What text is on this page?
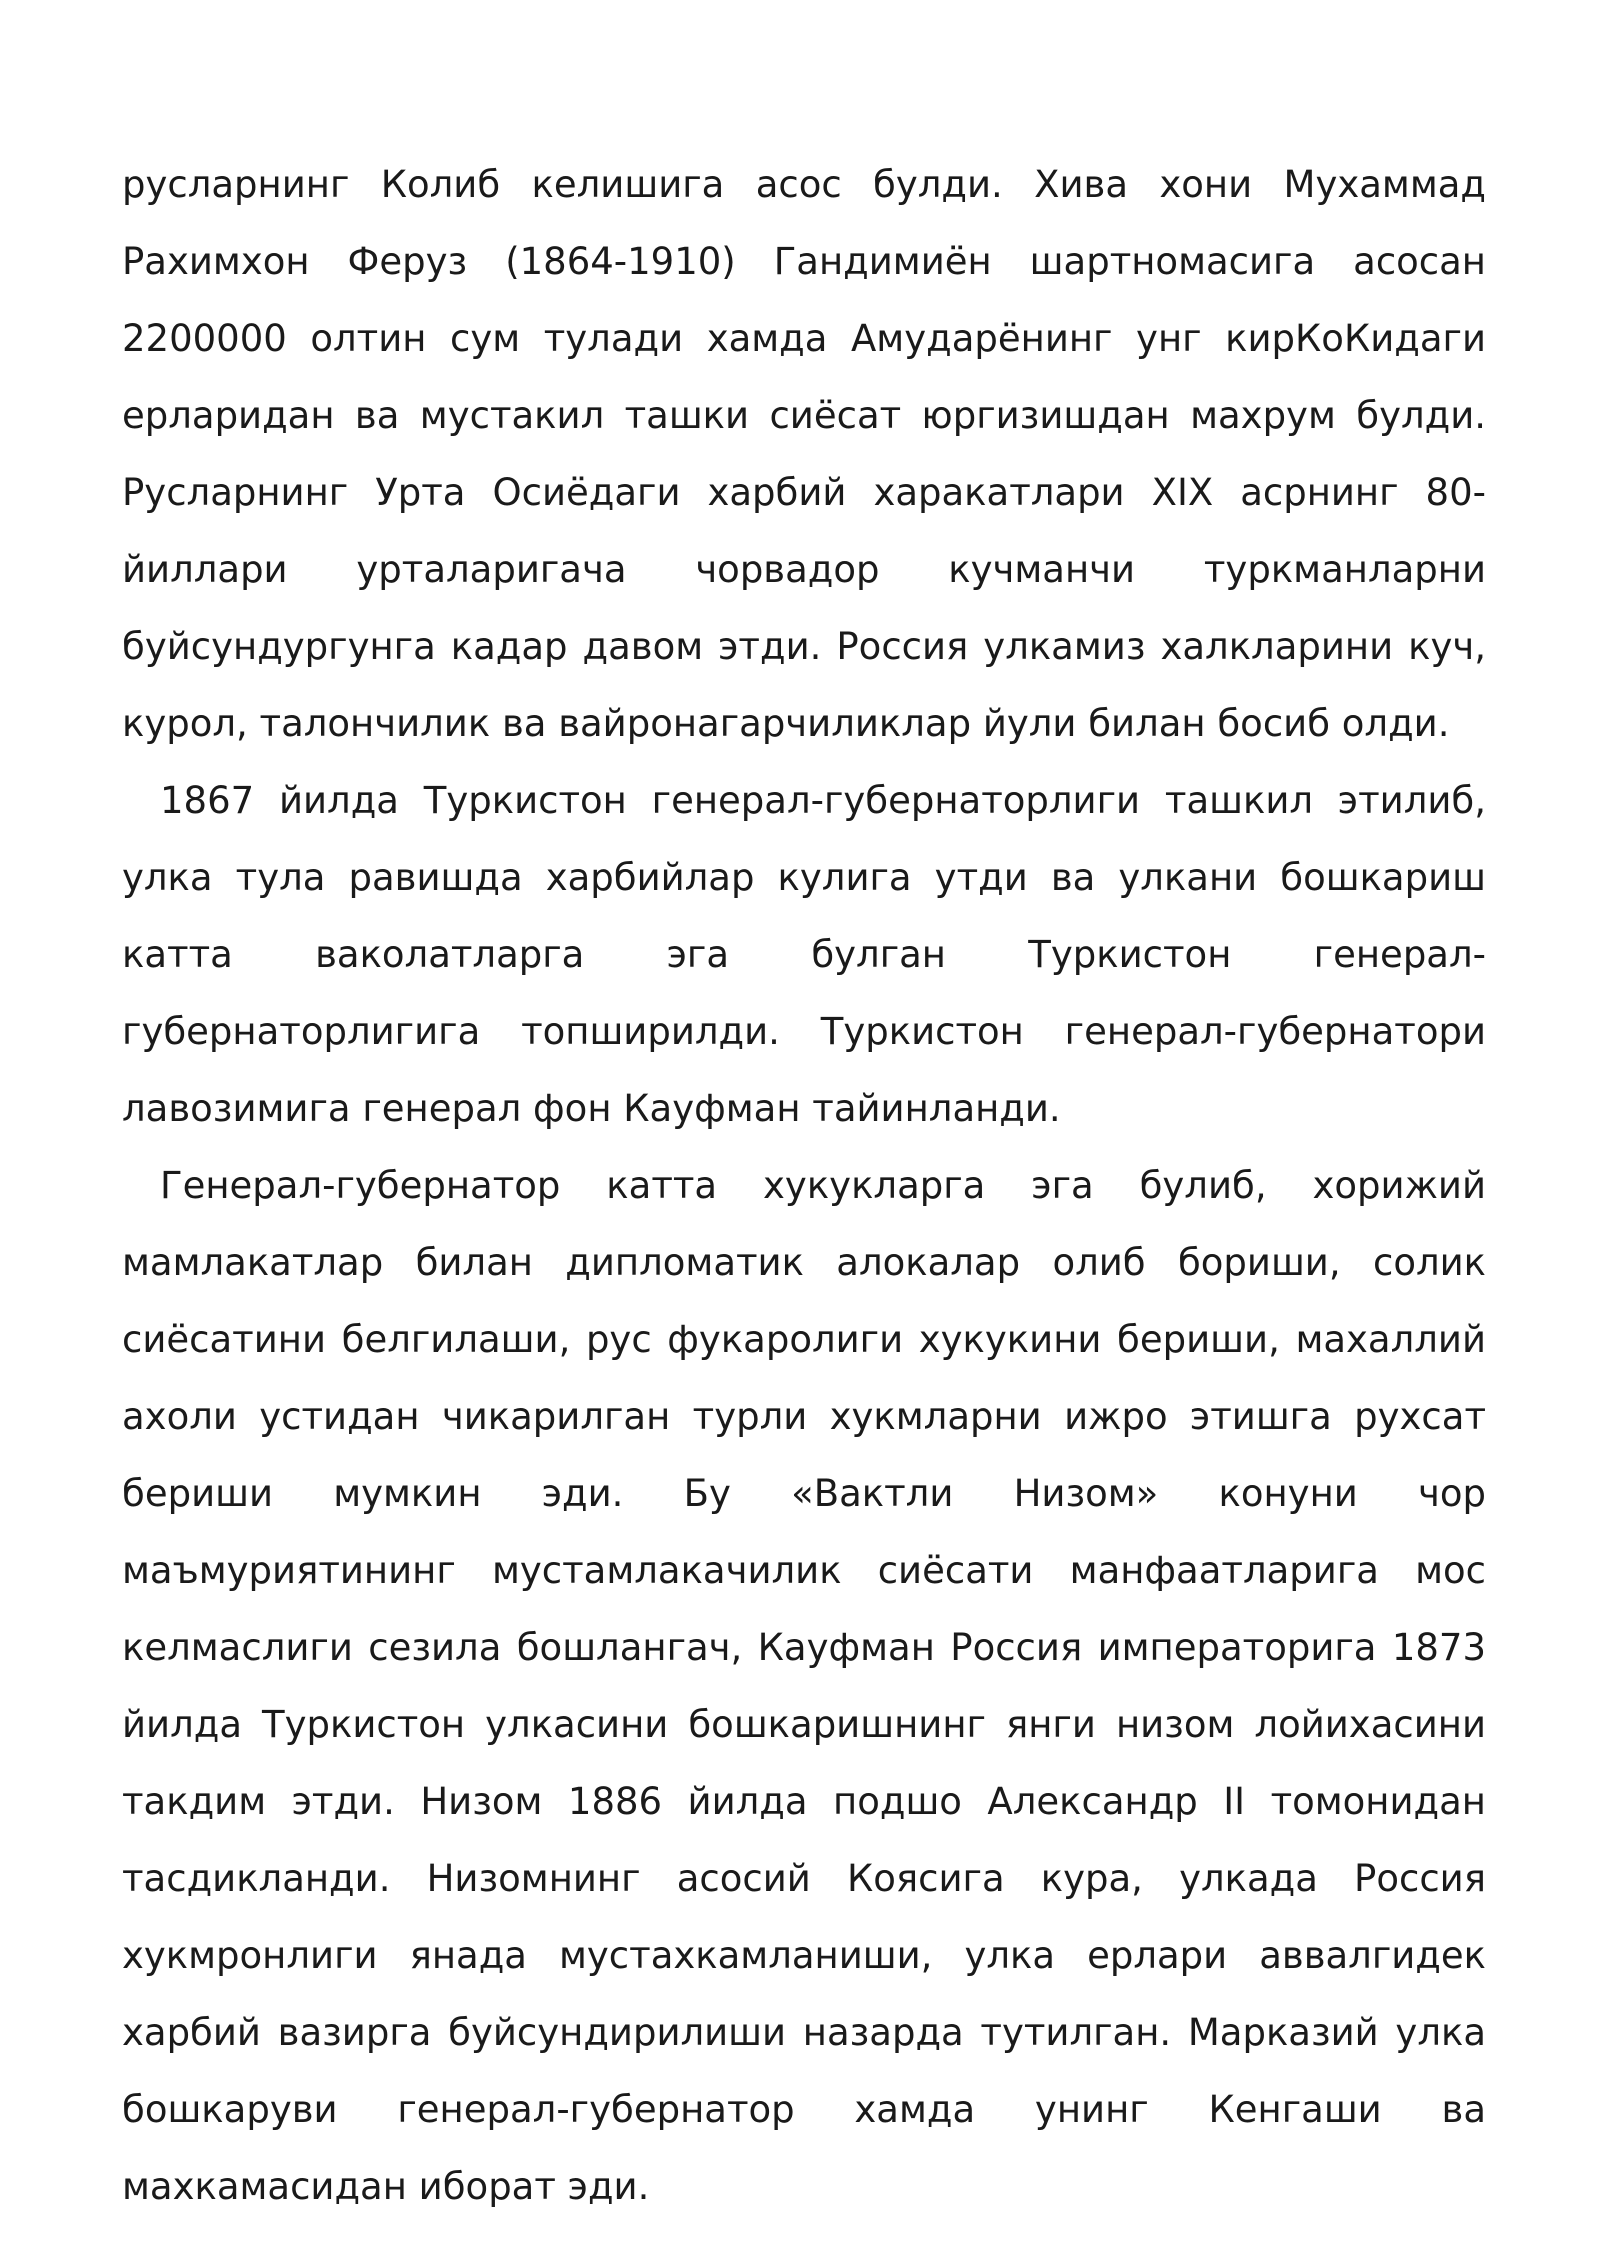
русларнинг Колиб келишига асос булди. Хива хони Мухаммад Рахимхон Феруз (1864-1910) Гандимиён шартномасига асосан 2200000 олтин сум тулади хамда Амударёнинг унг кирКоКидаги ерларидан ва мустакил ташки сиёсат юргизишдан махрум булди. Русларнинг Урта Осиёдаги харбий харакатлари XIX асрнинг 80-йиллари урталаригача чорвадор кучманчи туркманларни буйсундургунга кадар давом этди. Россия улкамиз халкларини куч, курол, талончилик ва вайронагарчиликлар йули билан босиб олди.

1867 йилда Туркистон генерал-губернаторлиги ташкил этилиб, улка тула равишда харбийлар кулига утди ва улкани бошкариш катта ваколатларга эга булган Туркистон генерал-губернаторлигига топширилди. Туркистон генерал-губернатори лавозимига генерал фон Кауфман тайинланди.

Генерал-губернатор катта хукукларга эга булиб, хорижий мамлакатлар билан дипломатик алокалар олиб бориши, солик сиёсатини белгилаши, рус фукаролиги хукукини бериши, махаллий ахоли устидан чикарилган турли хукмларни ижро этишга рухсат бериши мумкин эди. Бу «Вактли Низом» конуни чор маъмуриятининг мустамлакачилик сиёсати манфаатларига мос келмаслиги сезила бошлангач, Кауфман Россия императорига 1873 йилда Туркистон улкасини бошкаришнинг янги низом лойихасини такдим этди. Низом 1886 йилда подшо Александр II томонидан тасдикланди. Низомнинг асосий Коясига кура, улкада Россия хукмронлиги янада мустахкамланиши, улка ерлари аввалгидек харбий вазирга буйсундирилиши назарда тутилган. Марказий улка бошкаруви генерал-губернатор хамда унинг Кенгаши ва махкамасидан иборат эди.
